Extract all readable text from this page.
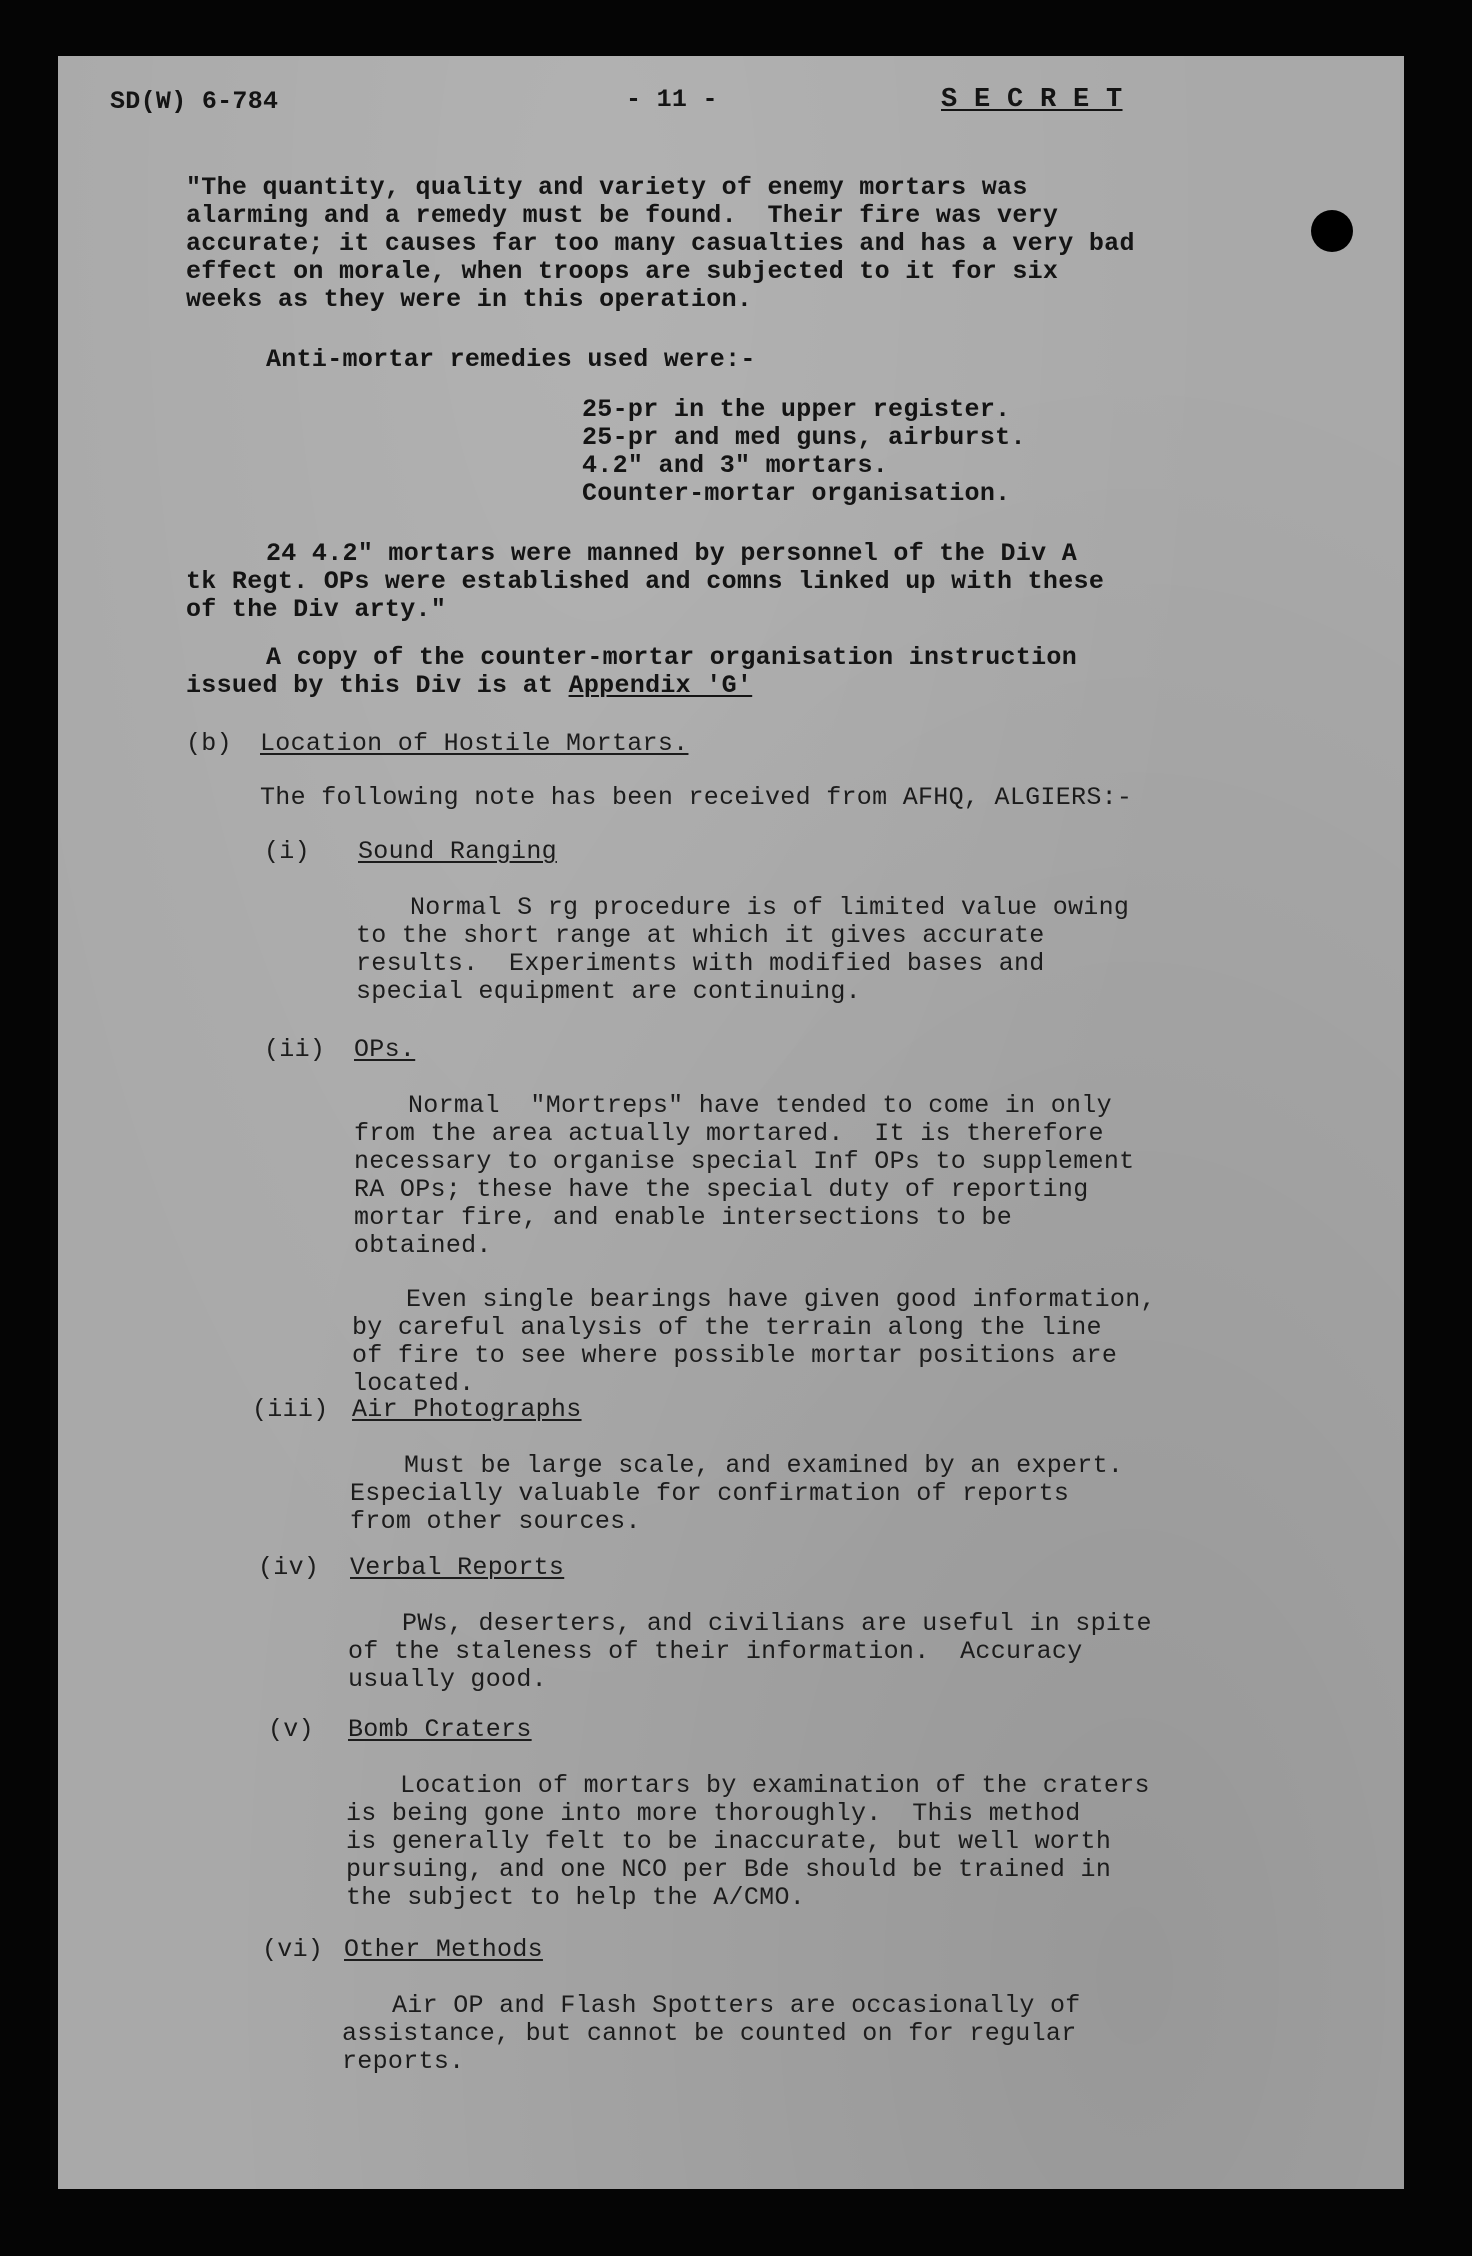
SD(W) 6-784	- 11 -	S E C R E T

"The quantity, quality and variety of enemy mortars was

alarming and a remedy must be found.  Their fire was very

accurate; it causes far too many casualties and has a very bad

effect on morale, when troops are subjected to it for six

weeks as they were in this operation.

Anti-mortar remedies used were:-

25-pr in the upper register.

25-pr and med guns, airburst.

4.2" and 3" mortars.

Counter-mortar organisation.

24 4.2" mortars were manned by personnel of the Div A

tk Regt. OPs were established and comns linked up with these

of the Div arty."

A copy of the counter-mortar organisation instruction

issued by this Div is at Appendix 'G'

(b) Location of Hostile Mortars.

The following note has been received from AFHQ, ALGIERS:-

(i) Sound Ranging

Normal S rg procedure is of limited value owing

to the short range at which it gives accurate

results.  Experiments with modified bases and

special equipment are continuing.

(ii) OPs.

Normal  "Mortreps" have tended to come in only

from the area actually mortared.  It is therefore

necessary to organise special Inf OPs to supplement

RA OPs; these have the special duty of reporting

mortar fire, and enable intersections to be

obtained.

Even single bearings have given good information,

by careful analysis of the terrain along the line

of fire to see where possible mortar positions are

located.

(iii) Air Photographs

Must be large scale, and examined by an expert.

Especially valuable for confirmation of reports

from other sources.

(iv) Verbal Reports

PWs, deserters, and civilians are useful in spite

of the staleness of their information.  Accuracy

usually good.

(v) Bomb Craters

Location of mortars by examination of the craters

is being gone into more thoroughly.  This method

is generally felt to be inaccurate, but well worth

pursuing, and one NCO per Bde should be trained in

the subject to help the A/CMO.

(vi) Other Methods

Air OP and Flash Spotters are occasionally of

assistance, but cannot be counted on for regular

reports.
